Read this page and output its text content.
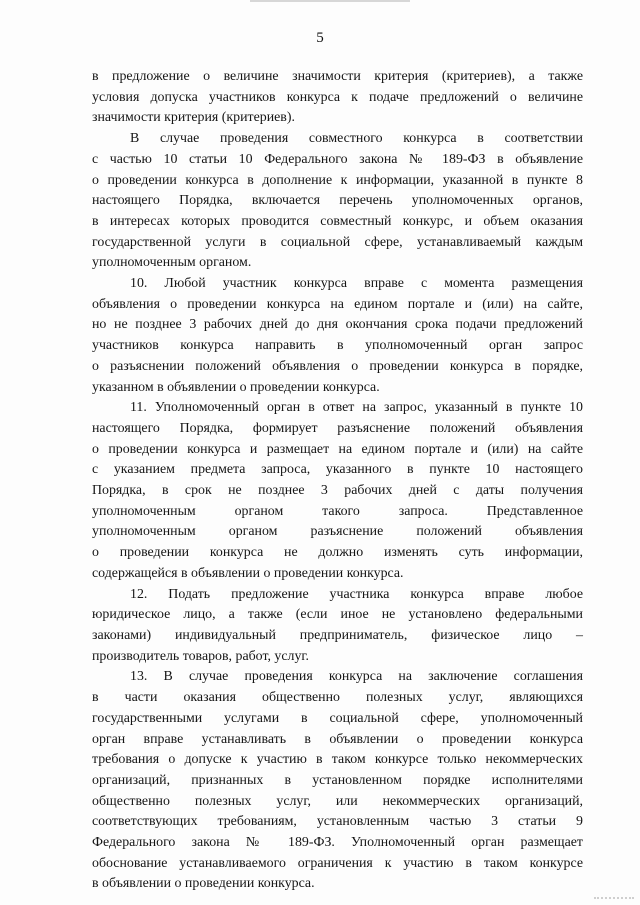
5
в предложение о величине значимости критерия (критериев), а также
условия допуска участников конкурса к подаче предложений о величине
значимости критерия (критериев).
В случае проведения совместного конкурса в соответствии
с частью 10 статьи 10 Федерального закона № 189-ФЗ в объявление
о проведении конкурса в дополнение к информации, указанной в пункте 8
настоящего Порядка, включается перечень уполномоченных органов,
в интересах которых проводится совместный конкурс, и объем оказания
государственной услуги в социальной сфере, устанавливаемый каждым
уполномоченным органом.
10. Любой участник конкурса вправе с момента размещения
объявления о проведении конкурса на едином портале и (или) на сайте,
но не позднее 3 рабочих дней до дня окончания срока подачи предложений
участников конкурса направить в уполномоченный орган запрос
о разъяснении положений объявления о проведении конкурса в порядке,
указанном в объявлении о проведении конкурса.
11. Уполномоченный орган в ответ на запрос, указанный в пункте 10
настоящего Порядка, формирует разъяснение положений объявления
о проведении конкурса и размещает на едином портале и (или) на сайте
с указанием предмета запроса, указанного в пункте 10 настоящего
Порядка, в срок не позднее 3 рабочих дней с даты получения
уполномоченным органом такого запроса. Представленное
уполномоченным органом разъяснение положений объявления
о проведении конкурса не должно изменять суть информации,
содержащейся в объявлении о проведении конкурса.
12. Подать предложение участника конкурса вправе любое
юридическое лицо, а также (если иное не установлено федеральными
законами) индивидуальный предприниматель, физическое лицо –
производитель товаров, работ, услуг.
13. В случае проведения конкурса на заключение соглашения
в части оказания общественно полезных услуг, являющихся
государственными услугами в социальной сфере, уполномоченный
орган вправе устанавливать в объявлении о проведении конкурса
требования о допуске к участию в таком конкурсе только некоммерческих
организаций, признанных в установленном порядке исполнителями
общественно полезных услуг, или некоммерческих организаций,
соответствующих требованиям, установленным частью 3 статьи 9
Федерального закона № 189-ФЗ. Уполномоченный орган размещает
обоснование устанавливаемого ограничения к участию в таком конкурсе
в объявлении о проведении конкурса.
